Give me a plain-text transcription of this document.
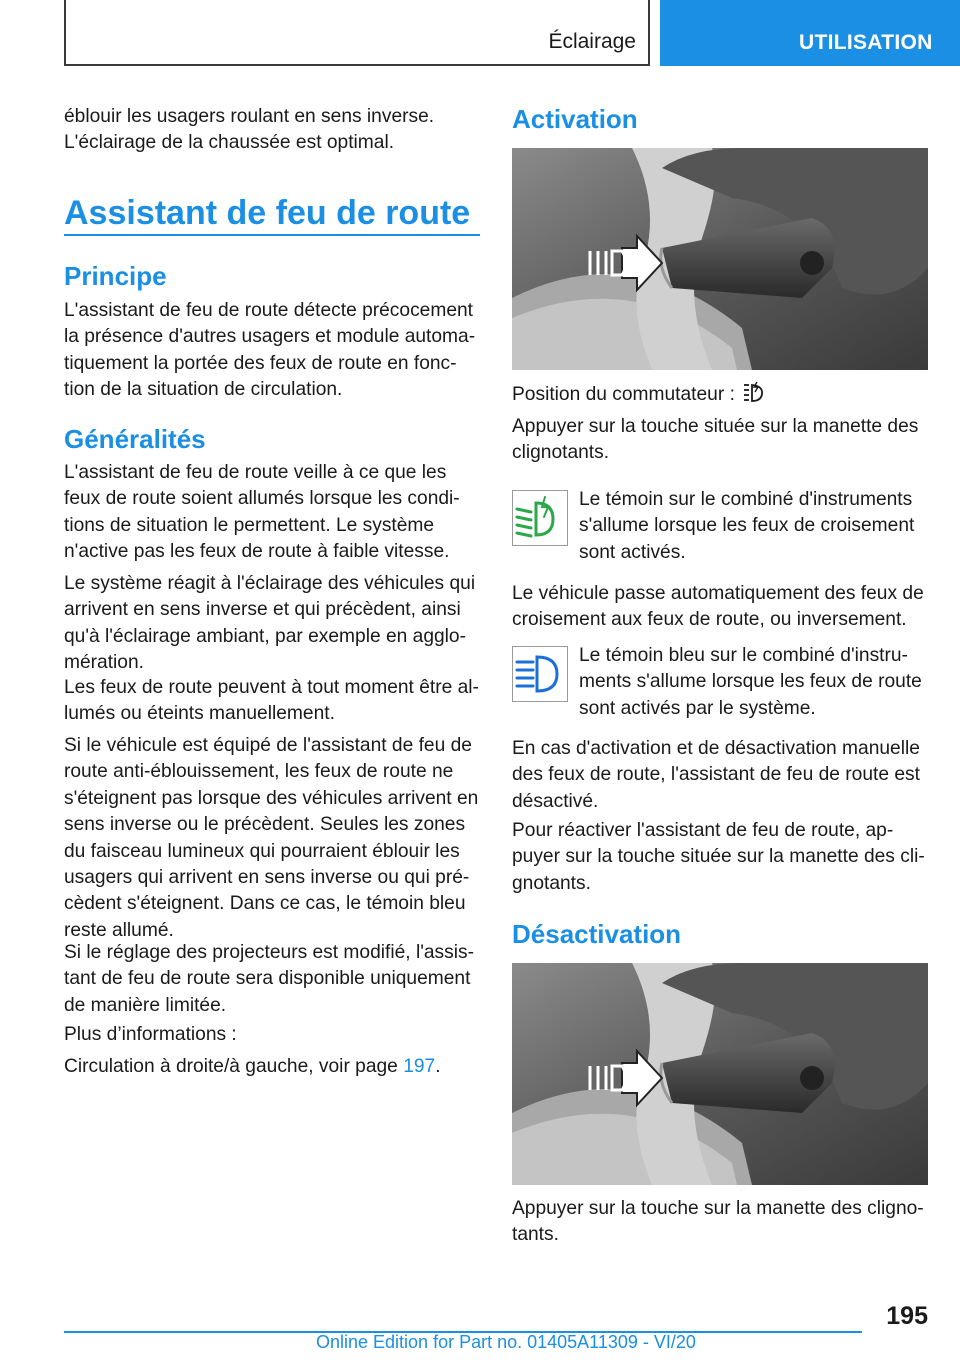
Éclairage	UTILISATION

éblouir les usagers roulant en sens inverse.
L'éclairage de la chaussée est optimal.

Assistant de feu de route
Principe

L'assistant de feu de route détecte précocement
la présence d'autres usagers et module automa-
tiquement la portée des feux de route en fonc-
tion de la situation de circulation.

Généralités

L'assistant de feu de route veille à ce que les
feux de route soient allumés lorsque les condi-
tions de situation le permettent. Le système
n'active pas les feux de route à faible vitesse.

Le système réagit à l'éclairage des véhicules qui
arrivent en sens inverse et qui précèdent, ainsi
qu'à l'éclairage ambiant, par exemple en agglo-
mération.

Les feux de route peuvent à tout moment être al-
lumés ou éteints manuellement.

Si le véhicule est équipé de l'assistant de feu de
route anti-éblouissement, les feux de route ne
s'éteignent pas lorsque des véhicules arrivent en
sens inverse ou le précèdent. Seules les zones
du faisceau lumineux qui pourraient éblouir les
usagers qui arrivent en sens inverse ou qui pré-
cèdent s'éteignent. Dans ce cas, le témoin bleu
reste allumé.

Si le réglage des projecteurs est modifié, l'assis-
tant de feu de route sera disponible uniquement
de manière limitée.

Plus d’informations :

Circulation à droite/à gauche, voir page 197.

Activation

Position du commutateur :

Appuyer sur la touche située sur la manette des
clignotants.

Le témoin sur le combiné d'instruments
s'allume lorsque les feux de croisement
sont activés.

Le véhicule passe automatiquement des feux de
croisement aux feux de route, ou inversement.

Le témoin bleu sur le combiné d'instru-
ments s'allume lorsque les feux de route
sont activés par le système.

En cas d'activation et de désactivation manuelle
des feux de route, l'assistant de feu de route est
désactivé.

Pour réactiver l'assistant de feu de route, ap-
puyer sur la touche située sur la manette des cli-
gnotants.

Désactivation

Appuyer sur la touche sur la manette des cligno-
tants.

195
Online Edition for Part no. 01405A11309 - VI/20
